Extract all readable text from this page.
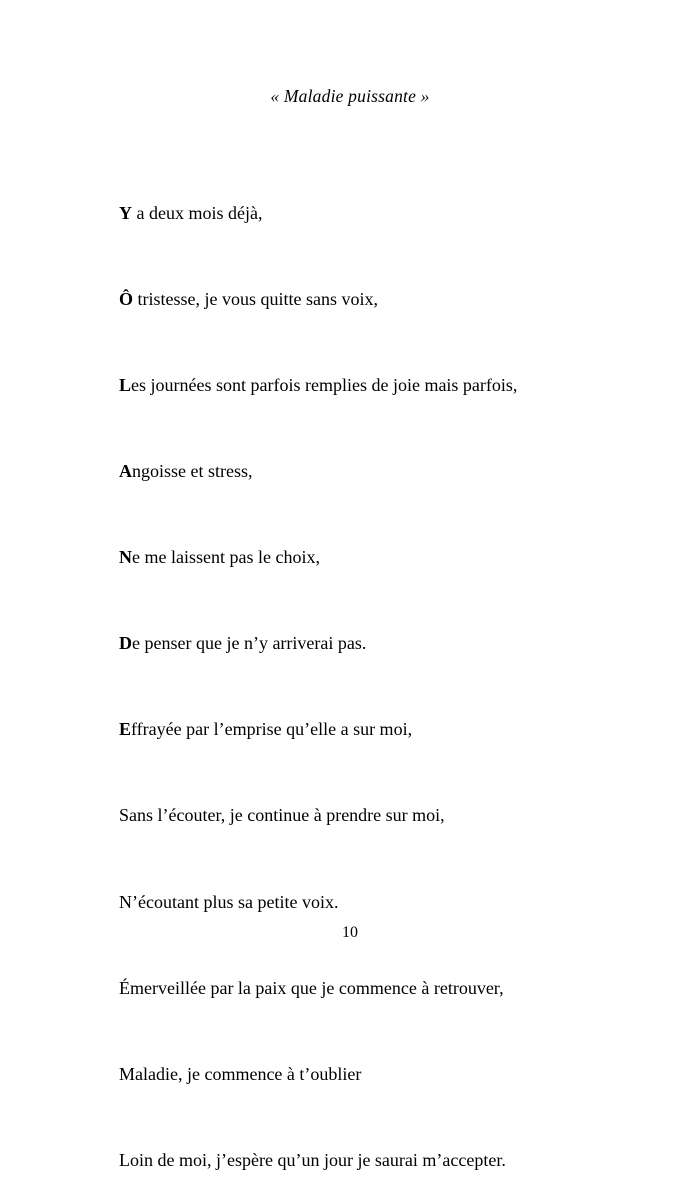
« Maladie puissante »

Y a deux mois déjà,

Ô tristesse, je vous quitte sans voix,

Les journées sont parfois remplies de joie mais parfois,

Angoisse et stress,

Ne me laissent pas le choix,

De penser que je n’y arriverai pas.

Effrayée par l’emprise qu’elle a sur moi,

Sans l’écouter, je continue à prendre sur moi,

N’écoutant plus sa petite voix.

Émerveillée par la paix que je commence à retrouver,

Maladie, je commence à t’oublier

Loin de moi, j’espère qu’un jour je saurai m’accepter.

10
